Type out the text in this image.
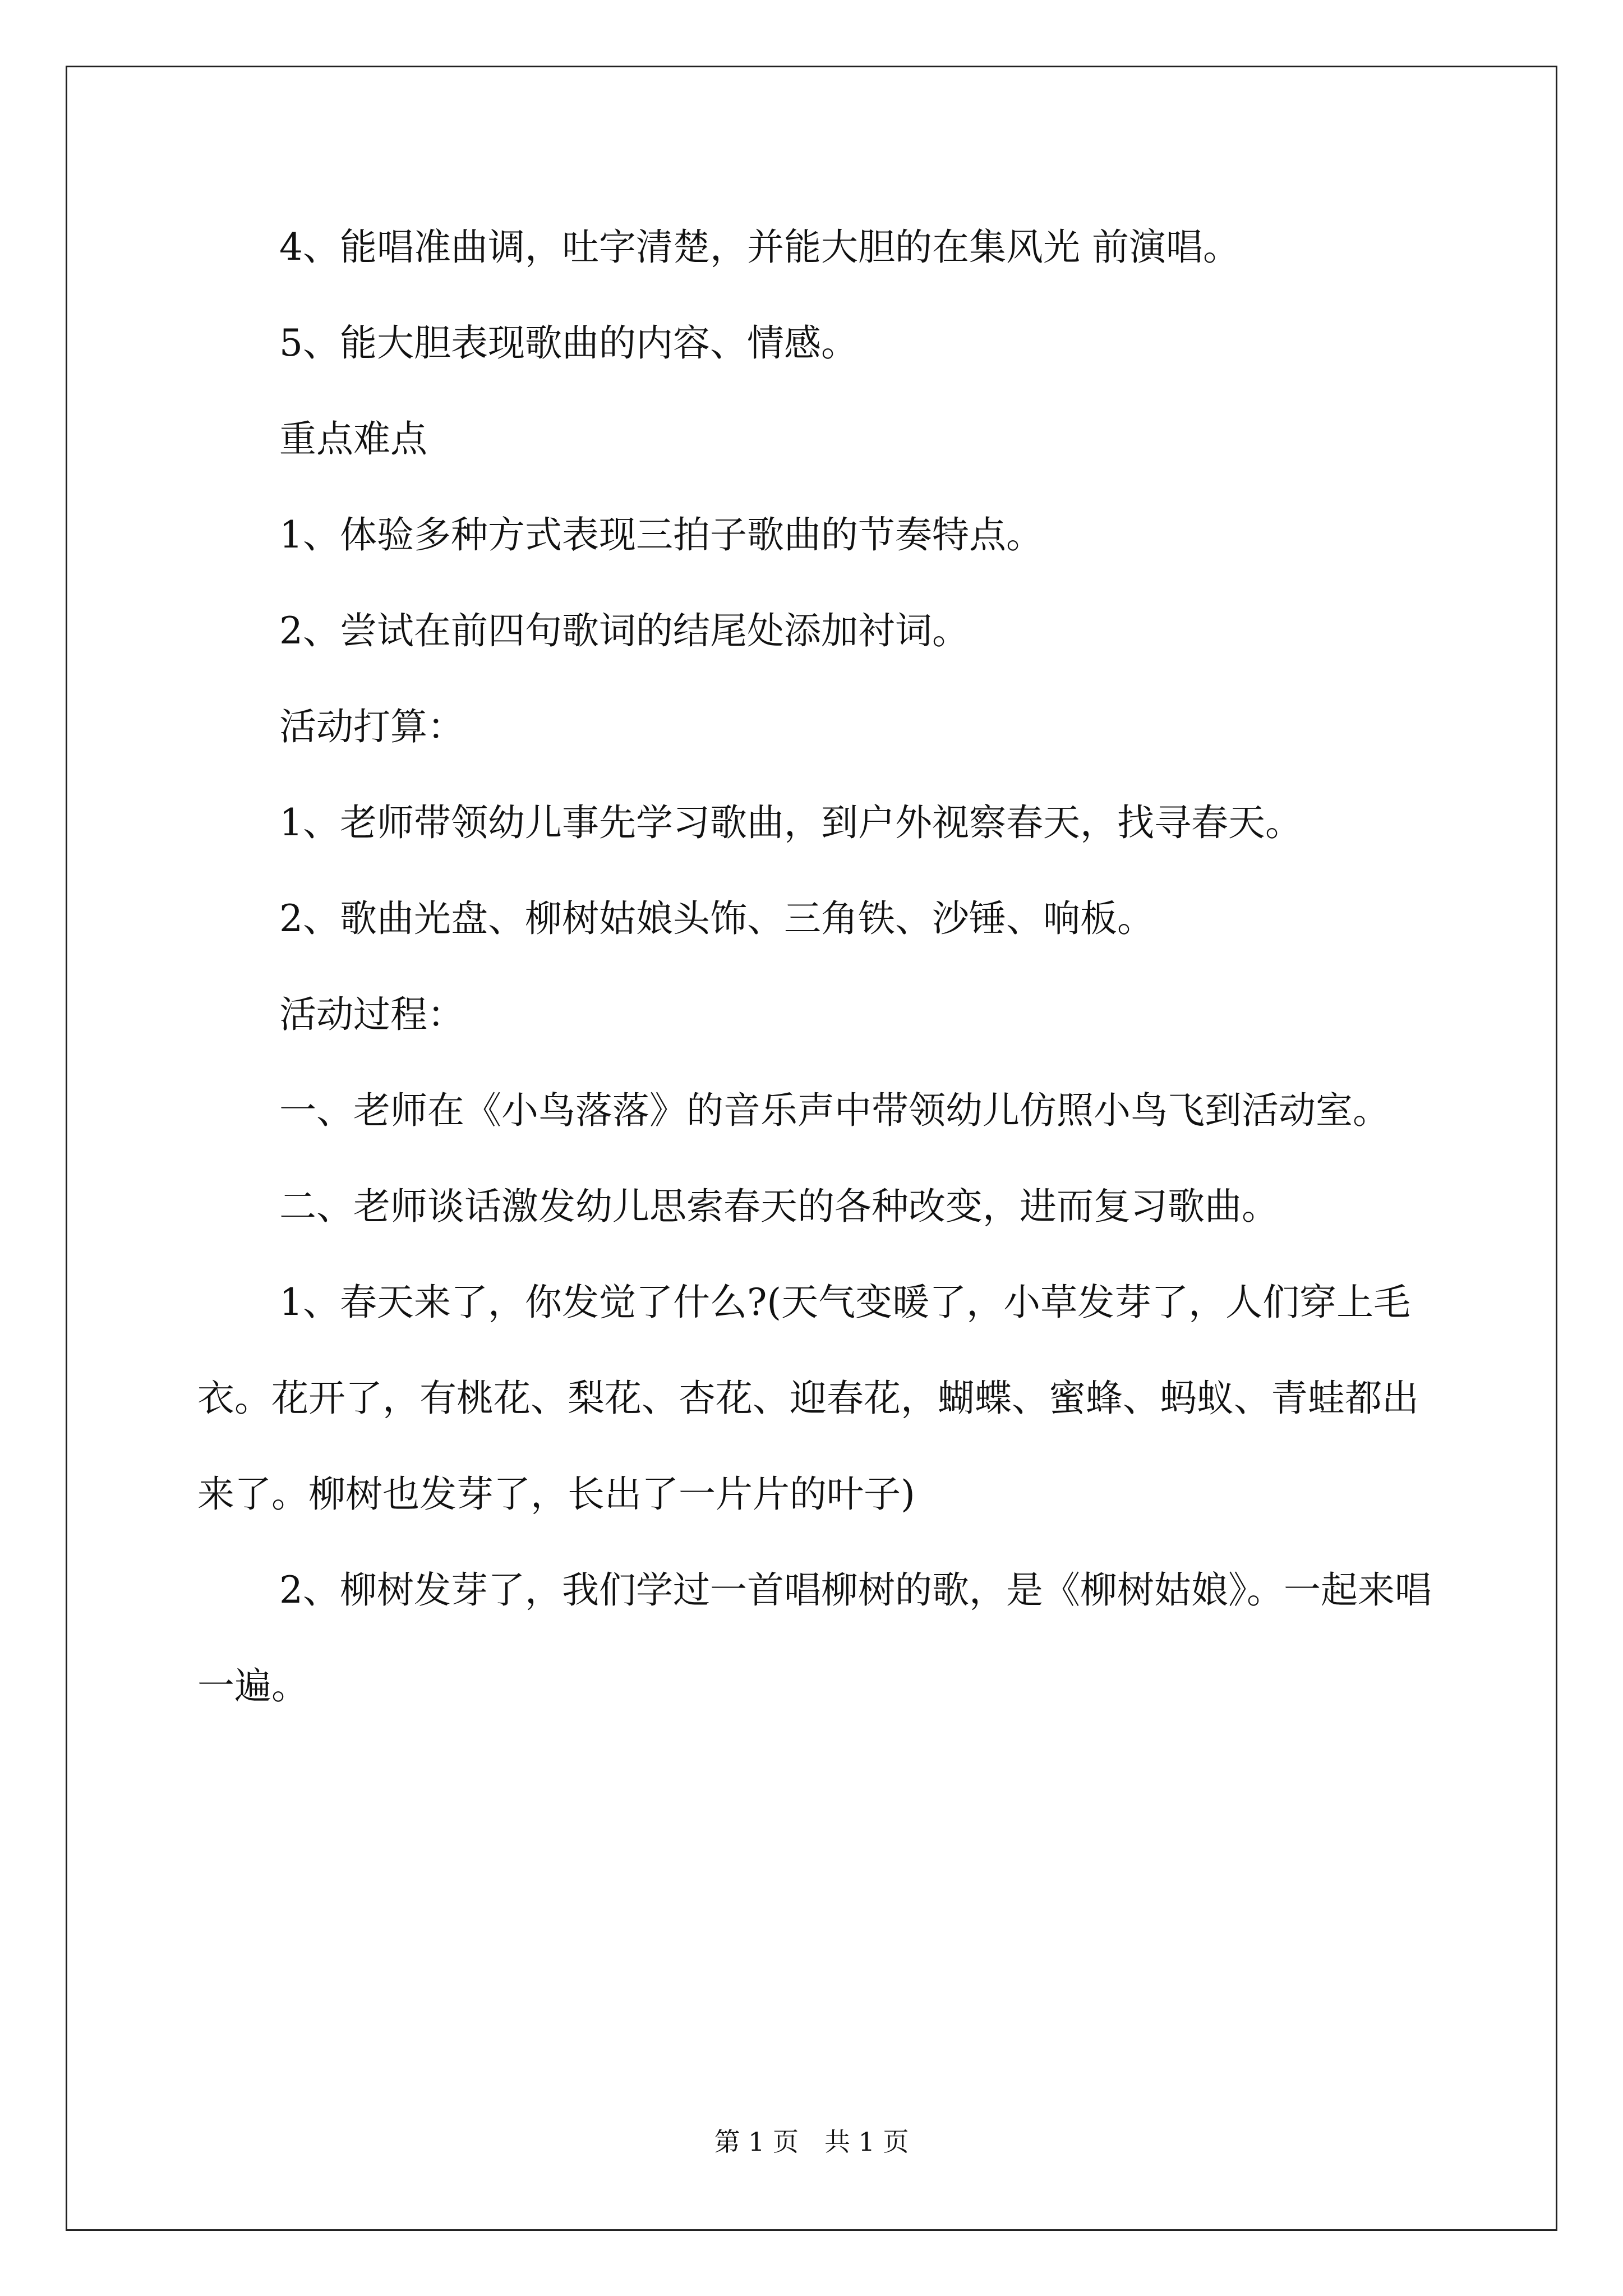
4、能唱准曲调，吐字清楚，并能大胆的在集风光 前演唱。

5、能大胆表现歌曲的内容、情感。

重点难点

1、体验多种方式表现三拍子歌曲的节奏特点。

2、尝试在前四句歌词的结尾处添加衬词。

活动打算：

1、老师带领幼儿事先学习歌曲，到户外视察春天，找寻春天。

2、歌曲光盘、柳树姑娘头饰、三角铁、沙锤、响板。

活动过程：

一、老师在《小鸟落落》的音乐声中带领幼儿仿照小鸟飞到活动室。

二、老师谈话激发幼儿思索春天的各种改变，进而复习歌曲。

1、春天来了，你发觉了什么?(天气变暖了，小草发芽了，人们穿上毛衣。花开了，有桃花、梨花、杏花、迎春花，蝴蝶、蜜蜂、蚂蚁、青蛙都出来了。柳树也发芽了，长出了一片片的叶子)

2、柳树发芽了，我们学过一首唱柳树的歌，是《柳树姑娘》。一起来唱一遍。

第 1 页　共 1 页
